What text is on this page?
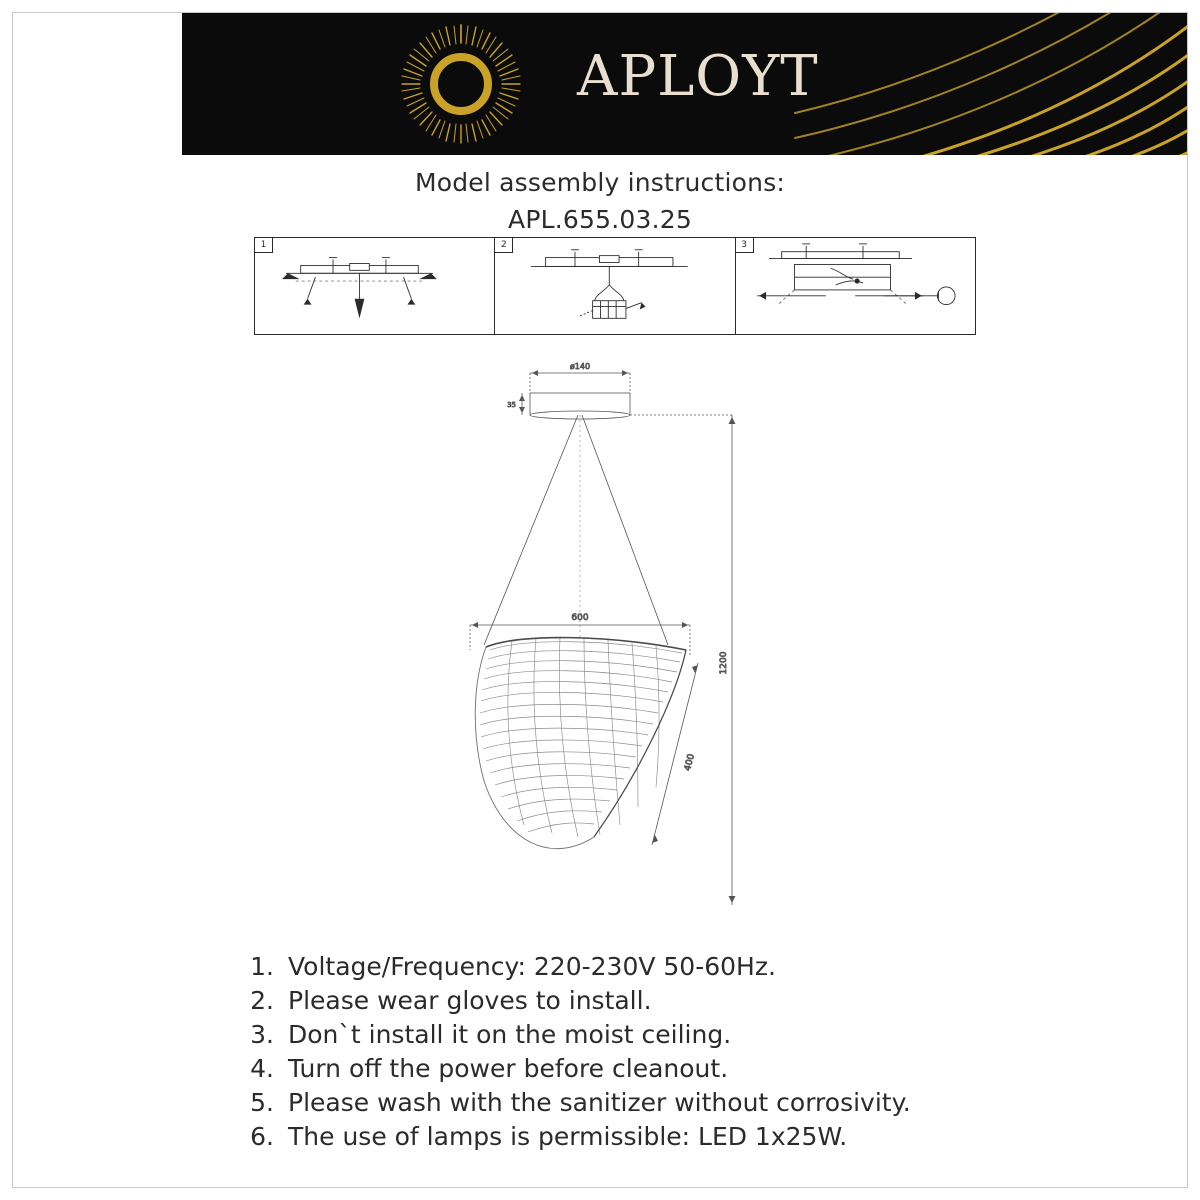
APLOYT
Model assembly instructions:
APL.655.03.25
1	2	3
ø140
35
1200
600
400
1. Voltage/Frequency: 220-230V 50-60Hz.
2. Please wear gloves to install.
3. Don`t install it on the moist ceiling.
4. Turn off the power before cleanout.
5. Please wash with the sanitizer without corrosivity.
6. The use of lamps is permissible: LED 1x25W.
